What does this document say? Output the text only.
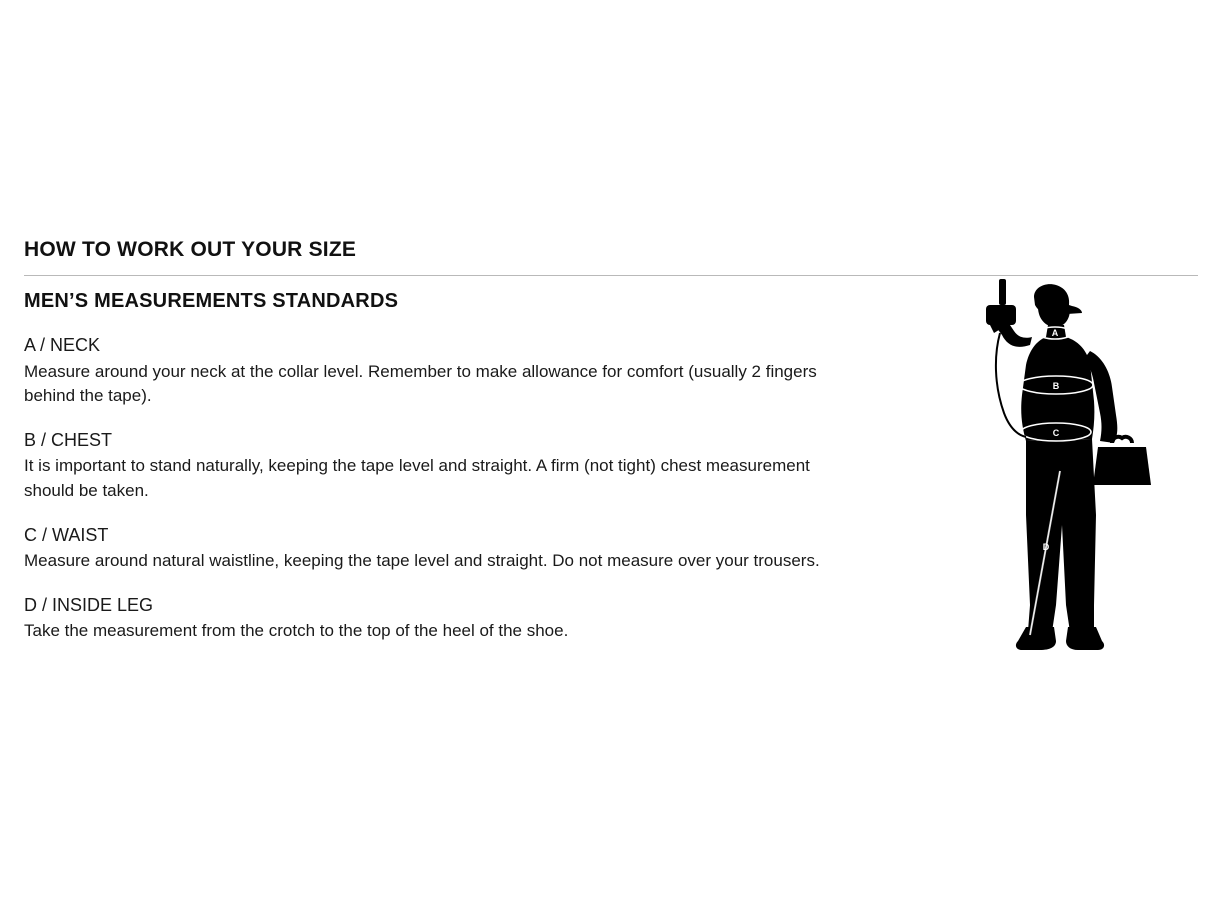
HOW TO WORK OUT YOUR SIZE
MEN’S MEASUREMENTS STANDARDS

A / NECK

Measure around your neck at the collar level. Remember to make allowance for comfort (usually 2 fingers behind the tape).

B / CHEST

It is important to stand naturally, keeping the tape level and straight. A firm (not tight) chest measurement should be taken.

C / WAIST

Measure around natural waistline, keeping the tape level and straight. Do not measure over your trousers.

D / INSIDE LEG

Take the measurement from the crotch to the top of the heel of the shoe.

A
B
C
D
